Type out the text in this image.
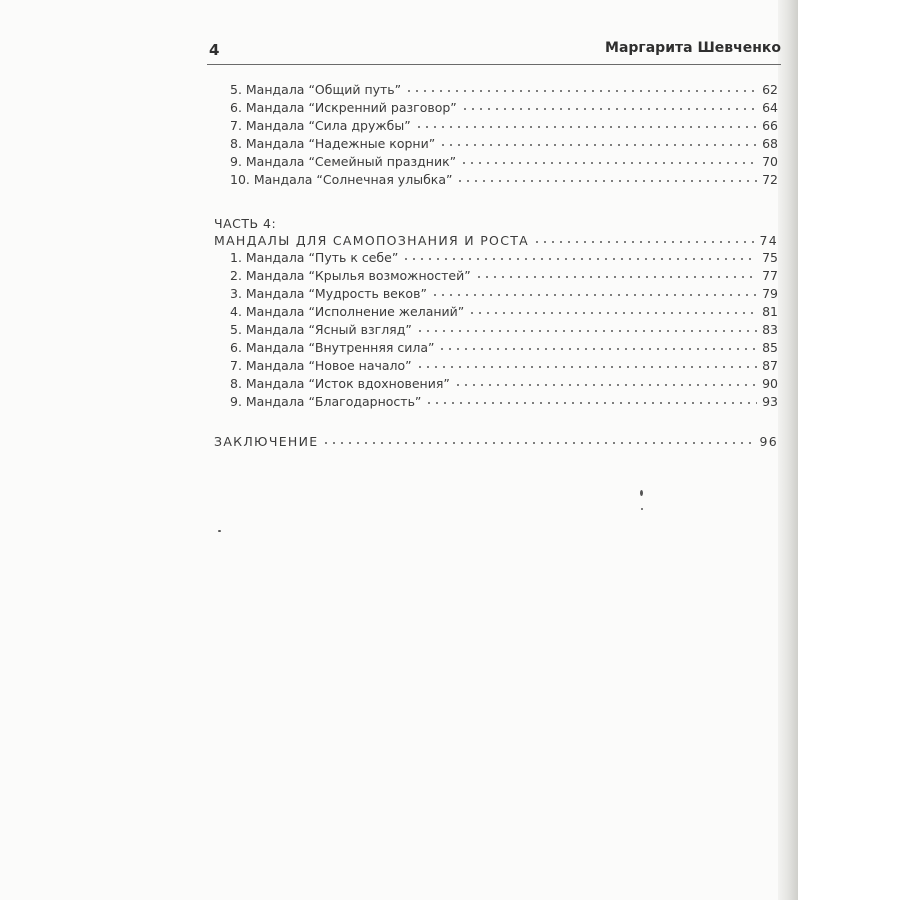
4	Маргарита Шевченко
5. Мандала “Общий путь”	62
6. Мандала “Искренний разговор”	64
7. Мандала “Сила дружбы”	66
8. Мандала “Надежные корни”	68
9. Мандала “Семейный праздник”	70
10. Мандала “Солнечная улыбка”	72
ЧАСТЬ 4:
МАНДАЛЫ ДЛЯ САМОПОЗНАНИЯ И РОСТА	74
1. Мандала “Путь к себе”	75
2. Мандала “Крылья возможностей”	77
3. Мандала “Мудрость веков”	79
4. Мандала “Исполнение желаний”	81
5. Мандала “Ясный взгляд”	83
6. Мандала “Внутренняя сила”	85
7. Мандала “Новое начало”	87
8. Мандала “Исток вдохновения”	90
9. Мандала “Благодарность”	93
ЗАКЛЮЧЕНИЕ	96
